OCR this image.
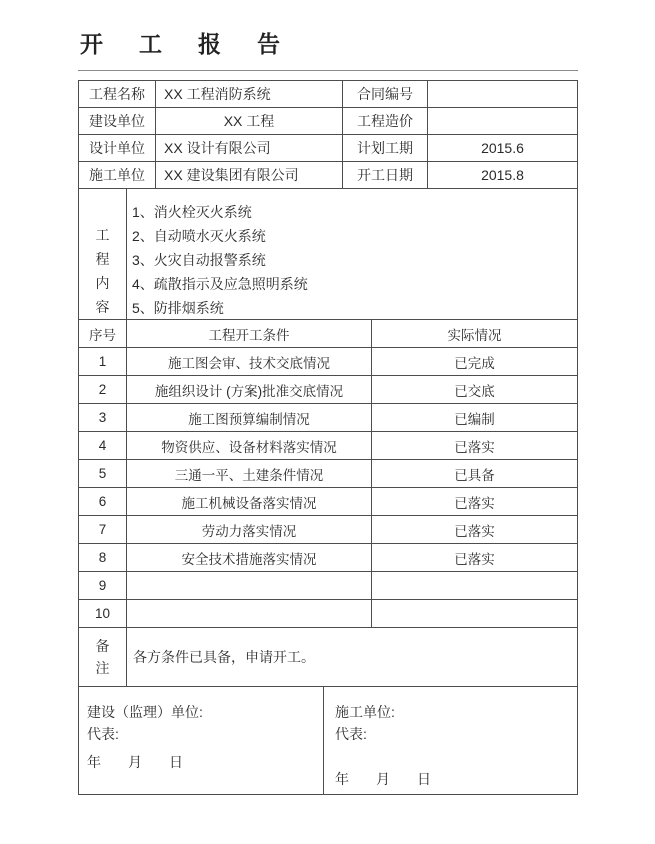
开工报告
工程名称	XX 工程消防系统	合同编号
建设单位	XX 工程	工程造价
设计单位	XX 设计有限公司	计划工期	2015.6
施工单位	XX 建设集团有限公司	开工日期	2015.8
工程内容
1、消火栓灭火系统
2、自动喷水灭火系统
3、火灾自动报警系统
4、疏散指示及应急照明系统
5、防排烟系统
序号	工程开工条件	实际情况
1	施工图会审、技术交底情况	已完成
2	施组织设计 (方案)批准交底情况	已交底
3	施工图预算编制情况	已编制
4	物资供应、设备材料落实情况	已落实
5	三通一平、土建条件情况	已具备
6	施工机械设备落实情况	已落实
7	劳动力落实情况	已落实
8	安全技术措施落实情况	已落实
9
10
备注
各方条件已具备，申请开工。
建设（监理）单位:
代表:
年 月 日
施工单位:
代表:
年 月 日
